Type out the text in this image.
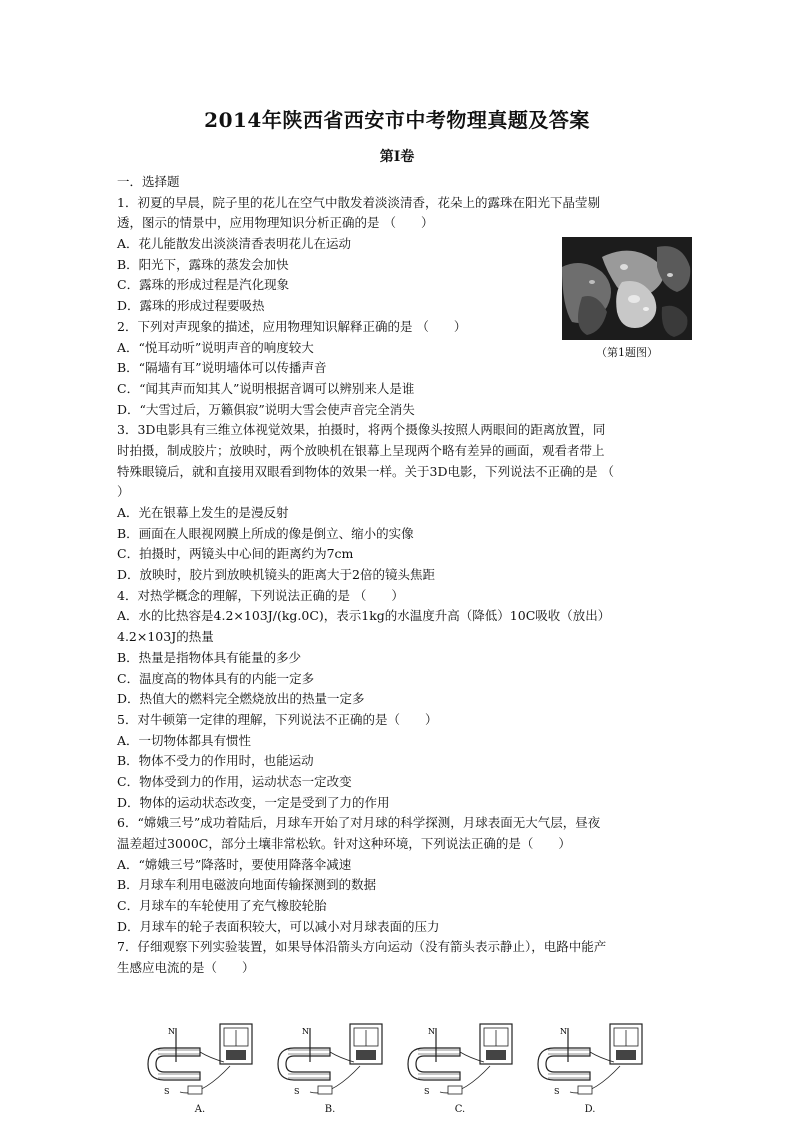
2014年陕西省西安市中考物理真题及答案
第Ⅰ卷
一．选择题
1．初夏的早晨，院子里的花儿在空气中散发着淡淡清香，花朵上的露珠在阳光下晶莹剔
透，图示的情景中，应用物理知识分析正确的是 （　　）
A．花儿能散发出淡淡清香表明花儿在运动
B．阳光下，露珠的蒸发会加快
C．露珠的形成过程是汽化现象
D．露珠的形成过程要吸热
2．下列对声现象的描述，应用物理知识解释正确的是 （　　）
A．“悦耳动听”说明声音的响度较大
B．“隔墙有耳”说明墙体可以传播声音
C．“闻其声而知其人”说明根据音调可以辨别来人是谁
D．“大雪过后，万籁俱寂”说明大雪会使声音完全消失
3．3D电影具有三维立体视觉效果，拍摄时，将两个摄像头按照人两眼间的距离放置，同
时拍摄，制成胶片；放映时，两个放映机在银幕上呈现两个略有差异的画面，观看者带上
特殊眼镜后，就和直接用双眼看到物体的效果一样。关于3D电影，下列说法不正确的是 （
）
A．光在银幕上发生的是漫反射
B．画面在人眼视网膜上所成的像是倒立、缩小的实像
C．拍摄时，两镜头中心间的距离约为7cm
D．放映时，胶片到放映机镜头的距离大于2倍的镜头焦距
4．对热学概念的理解，下列说法正确的是 （　　）
A．水的比热容是4.2×103J/(kg.0C)，表示1kg的水温度升高（降低）10C吸收（放出）
4.2×103J的热量
B．热量是指物体具有能量的多少
C．温度高的物体具有的内能一定多
D．热值大的燃料完全燃烧放出的热量一定多
5．对牛顿第一定律的理解，下列说法不正确的是（　　）
A．一切物体都具有惯性
B．物体不受力的作用时，也能运动
C．物体受到力的作用，运动状态一定改变
D．物体的运动状态改变，一定是受到了力的作用
6．“嫦娥三号”成功着陆后，月球车开始了对月球的科学探测，月球表面无大气层，昼夜
温差超过3000C，部分土壤非常松软。针对这种环境，下列说法正确的是（　　）
A．“嫦娥三号”降落时，要使用降落伞减速
B．月球车利用电磁波向地面传输探测到的数据
C．月球车的车轮使用了充气橡胶轮胎
D．月球车的轮子表面积较大，可以减小对月球表面的压力
7．仔细观察下列实验装置，如果导体沿箭头方向运动（没有箭头表示静止），电路中能产
生感应电流的是（　　）
（第1题图）
N
S
A.
N
S
B.
N
S
C.
N
S
D.
